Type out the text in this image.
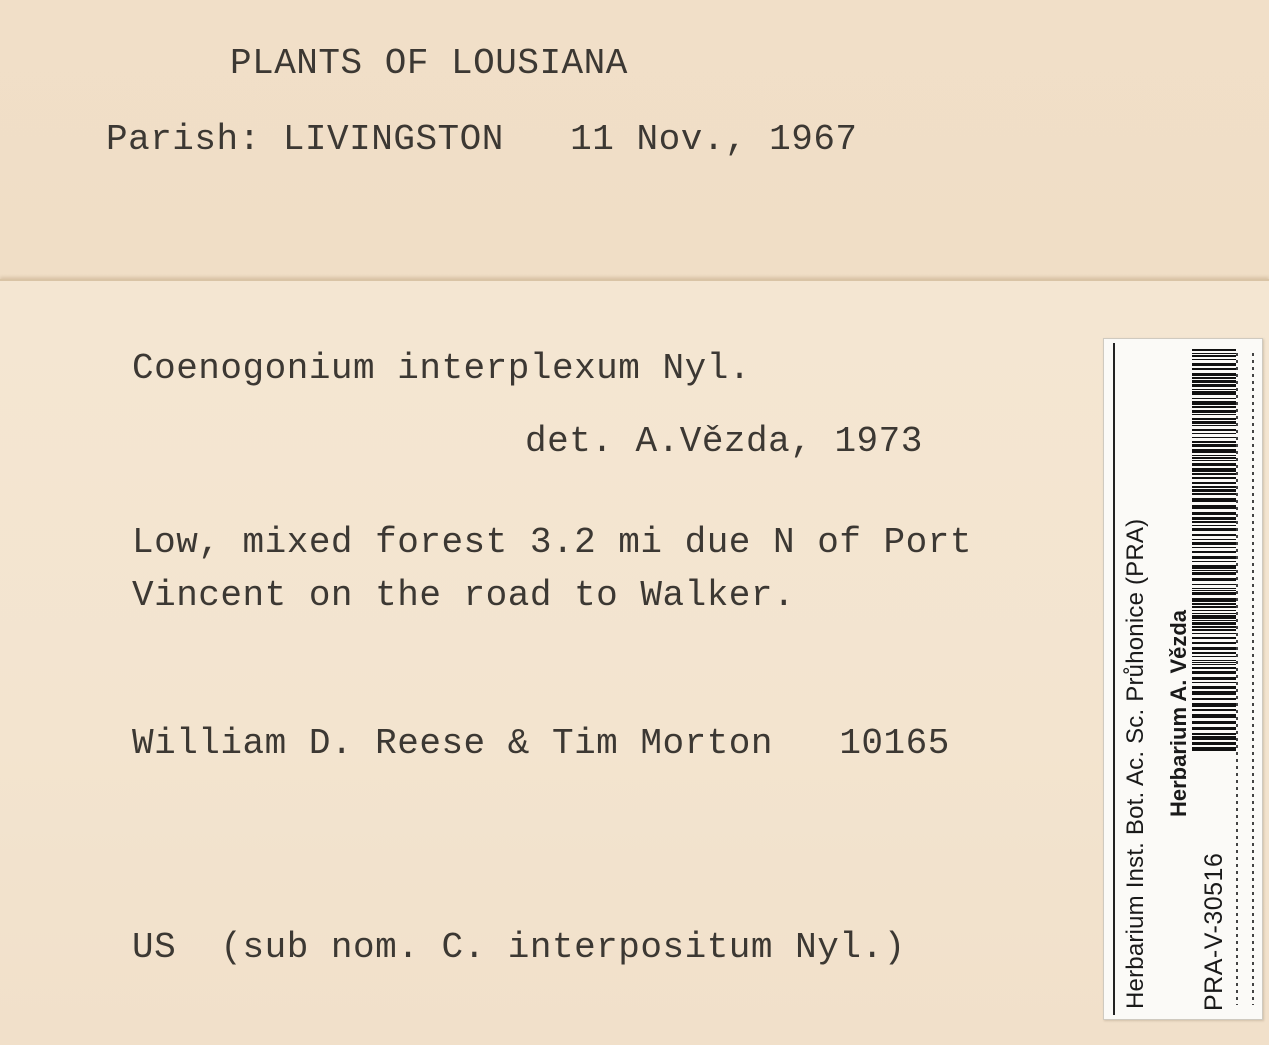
PLANTS OF LOUSIANA

Parish: LIVINGSTON   11 Nov., 1967

Coenogonium interplexum Nyl.

det. A.Vězda, 1973

Low, mixed forest 3.2 mi due N of Port

Vincent on the road to Walker.

William D. Reese & Tim Morton   10165

US  (sub nom. C. interpositum Nyl.)	Herbarium Inst. Bot. Ac. Sc. Průhonice (PRA) Herbarium A. Vězda
PRA-V-30516
